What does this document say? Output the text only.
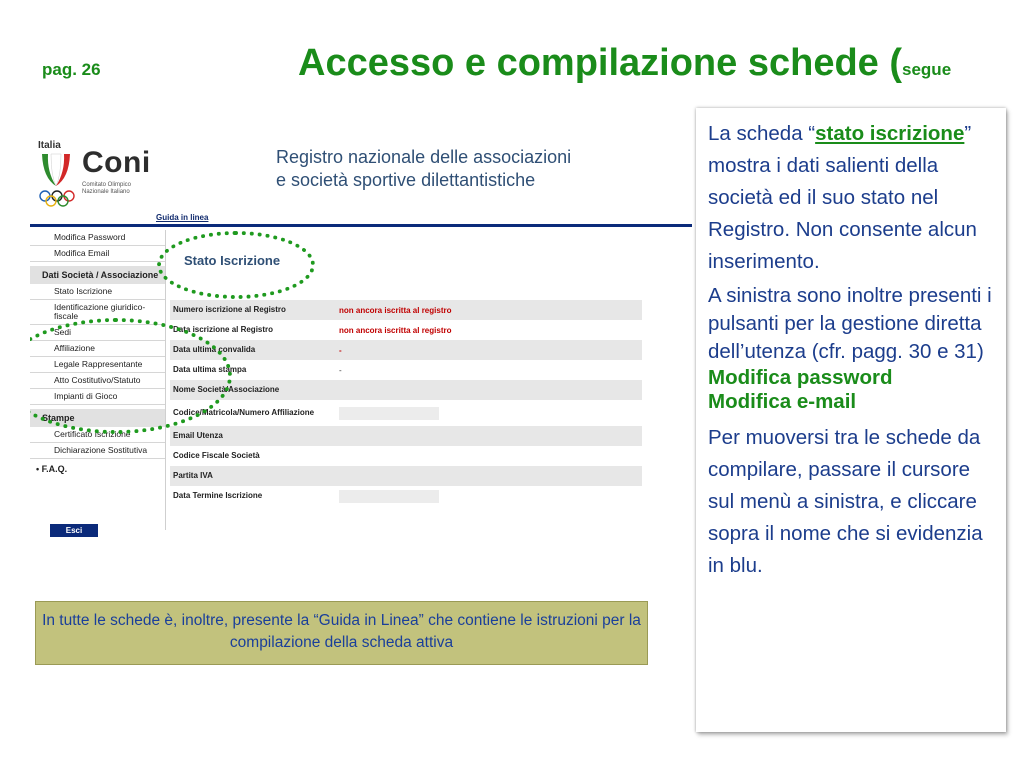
pag. 26	Accesso e compilazione schede (segue
Italia
Coni
Comitato Olimpico Nazionale Italiano
Registro nazionale delle associazioni
e società sportive dilettantistiche
Guida in linea
Modifica Password
Modifica Email
Dati Società / Associazione
Stato Iscrizione
Identificazione giuridico-fiscale
Sedi
Affiliazione
Legale Rappresentante
Atto Costitutivo/Statuto
Impianti di Gioco
Stampe
Certificato Iscrizione
Dichiarazione Sostitutiva
• F.A.Q.
Esci
Stato Iscrizione
Numero iscrizione al Registro	non ancora iscritta al registro
Data iscrizione al Registro	non ancora iscritta al registro
Data ultima convalida	-
Data ultima stampa	-
Nome Società/Associazione
Codice/Matricola/Numero Affiliazione
Email Utenza
Codice Fiscale Società
Partita IVA
Data Termine Iscrizione
In tutte le schede è, inoltre, presente la “Guida in Linea” che contiene le istruzioni per la compilazione della scheda attiva

La scheda “stato iscrizione” mostra i dati salienti della società ed il suo stato nel Registro. Non consente alcun inserimento.

A sinistra sono inoltre presenti i pulsanti per la gestione diretta dell’utenza (cfr. pagg. 30 e 31)

Modifica password
Modifica e-mail

Per muoversi tra le schede da compilare, passare il cursore sul menù a sinistra, e cliccare sopra il nome che si evidenzia in blu.
